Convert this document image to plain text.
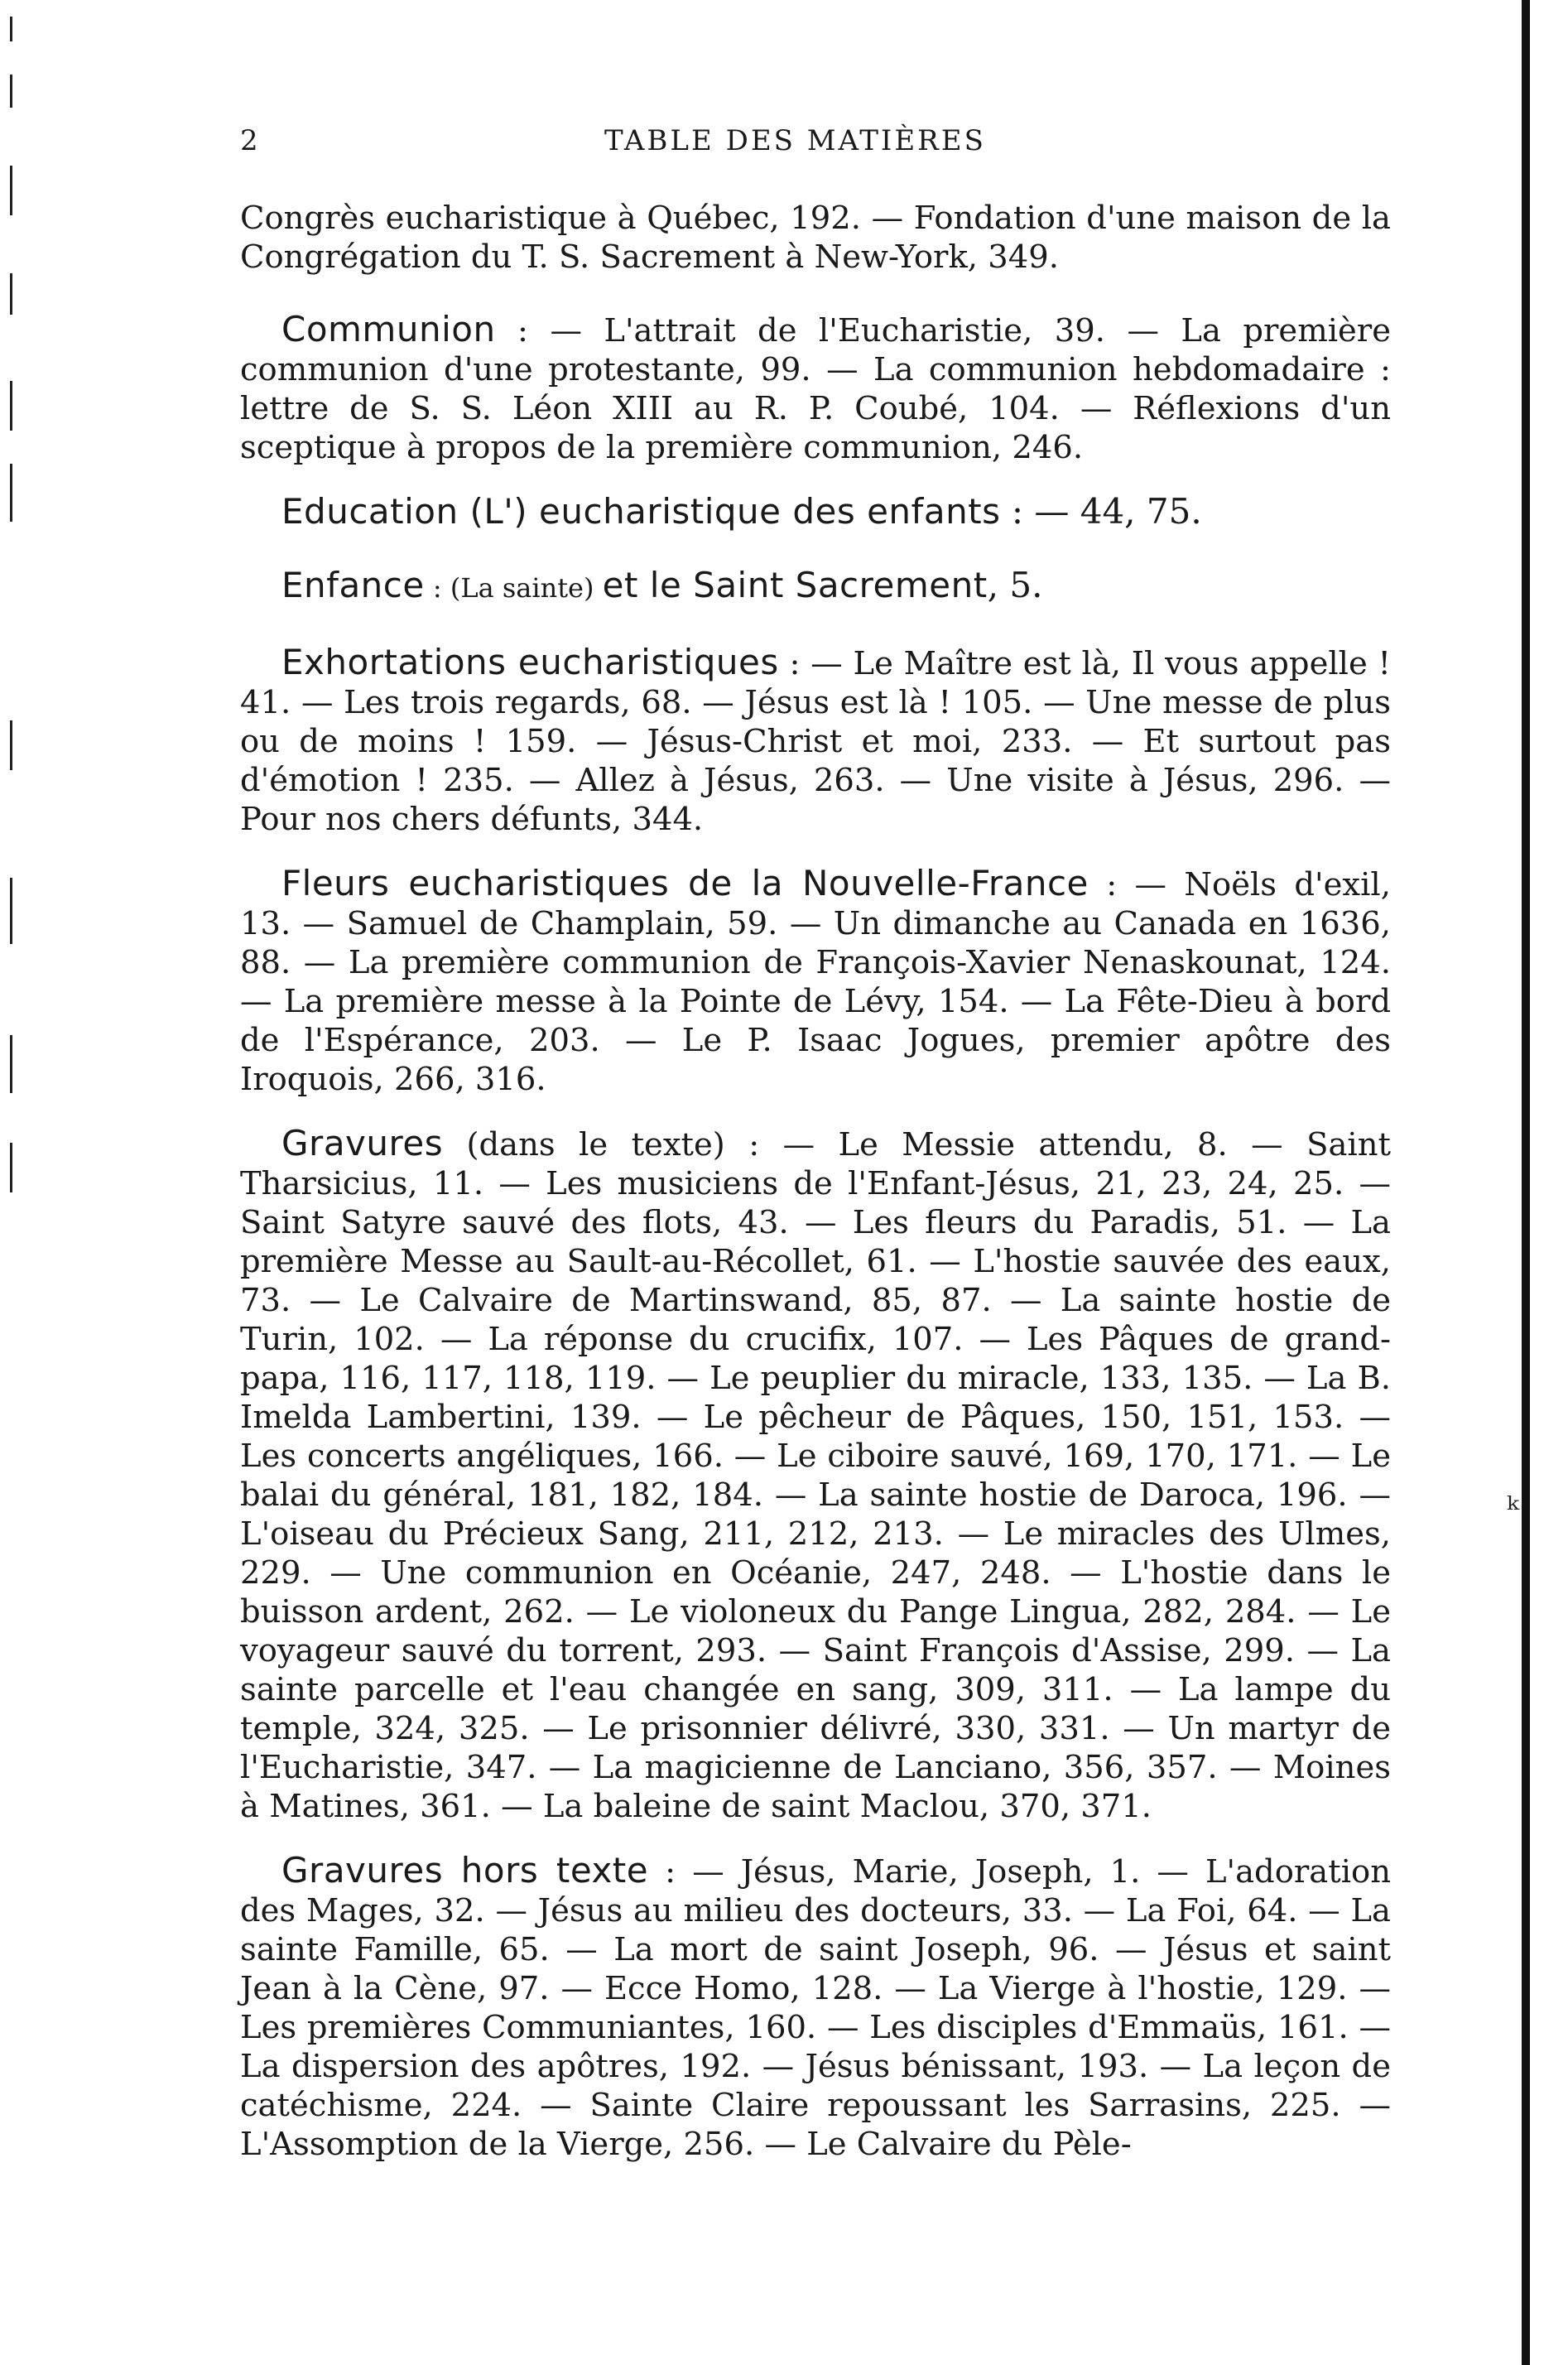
2	TABLE DES MATIÈRES

Congrès eucharistique à Québec, 192. — Fondation d'une maison de la Congrégation du T. S. Sacrement à New-York, 349.

Communion : — L'attrait de l'Eucharistie, 39. — La première communion d'une protestante, 99. — La communion hebdomadaire : lettre de S. S. Léon XIII au R. P. Coubé, 104. — Réflexions d'un sceptique à propos de la première communion, 246.

Education (L') eucharistique des enfants : — 44, 75.

Enfance : (La sainte) et le Saint Sacrement, 5.

Exhortations eucharistiques : — Le Maître est là, Il vous appelle ! 41. — Les trois regards, 68. — Jésus est là ! 105. — Une messe de plus ou de moins ! 159. — Jésus-Christ et moi, 233. — Et surtout pas d'émotion ! 235. — Allez à Jésus, 263. — Une visite à Jésus, 296. — Pour nos chers défunts, 344.

Fleurs eucharistiques de la Nouvelle-France : — Noëls d'exil, 13. — Samuel de Champlain, 59. — Un dimanche au Canada en 1636, 88. — La première communion de François-Xavier Nenaskounat, 124. — La première messe à la Pointe de Lévy, 154. — La Fête-Dieu à bord de l'Espérance, 203. — Le P. Isaac Jogues, premier apôtre des Iroquois, 266, 316.

Gravures (dans le texte) : — Le Messie attendu, 8. — Saint Tharsicius, 11. — Les musiciens de l'Enfant-Jésus, 21, 23, 24, 25. — Saint Satyre sauvé des flots, 43. — Les fleurs du Paradis, 51. — La première Messe au Sault-au-Récollet, 61. — L'hostie sauvée des eaux, 73. — Le Calvaire de Martinswand, 85, 87. — La sainte hostie de Turin, 102. — La réponse du crucifix, 107. — Les Pâques de grand-papa, 116, 117, 118, 119. — Le peuplier du miracle, 133, 135. — La B. Imelda Lambertini, 139. — Le pêcheur de Pâques, 150, 151, 153. — Les concerts angéliques, 166. — Le ciboire sauvé, 169, 170, 171. — Le balai du général, 181, 182, 184. — La sainte hostie de Daroca, 196. — L'oiseau du Précieux Sang, 211, 212, 213. — Le miracles des Ulmes, 229. — Une communion en Océanie, 247, 248. — L'hostie dans le buisson ardent, 262. — Le violoneux du Pange Lingua, 282, 284. — Le voyageur sauvé du torrent, 293. — Saint François d'Assise, 299. — La sainte parcelle et l'eau changée en sang, 309, 311. — La lampe du temple, 324, 325. — Le prisonnier délivré, 330, 331. — Un martyr de l'Eucharistie, 347. — La magicienne de Lanciano, 356, 357. — Moines à Matines, 361. — La baleine de saint Maclou, 370, 371.

Gravures hors texte : — Jésus, Marie, Joseph, 1. — L'adoration des Mages, 32. — Jésus au milieu des docteurs, 33. — La Foi, 64. — La sainte Famille, 65. — La mort de saint Joseph, 96. — Jésus et saint Jean à la Cène, 97. — Ecce Homo, 128. — La Vierge à l'hostie, 129. — Les premières Communiantes, 160. — Les disciples d'Emmaüs, 161. — La dispersion des apôtres, 192. — Jésus bénissant, 193. — La leçon de catéchisme, 224. — Sainte Claire repoussant les Sarrasins, 225. — L'Assomption de la Vierge, 256. — Le Calvaire du Pèle-

ᵏ
